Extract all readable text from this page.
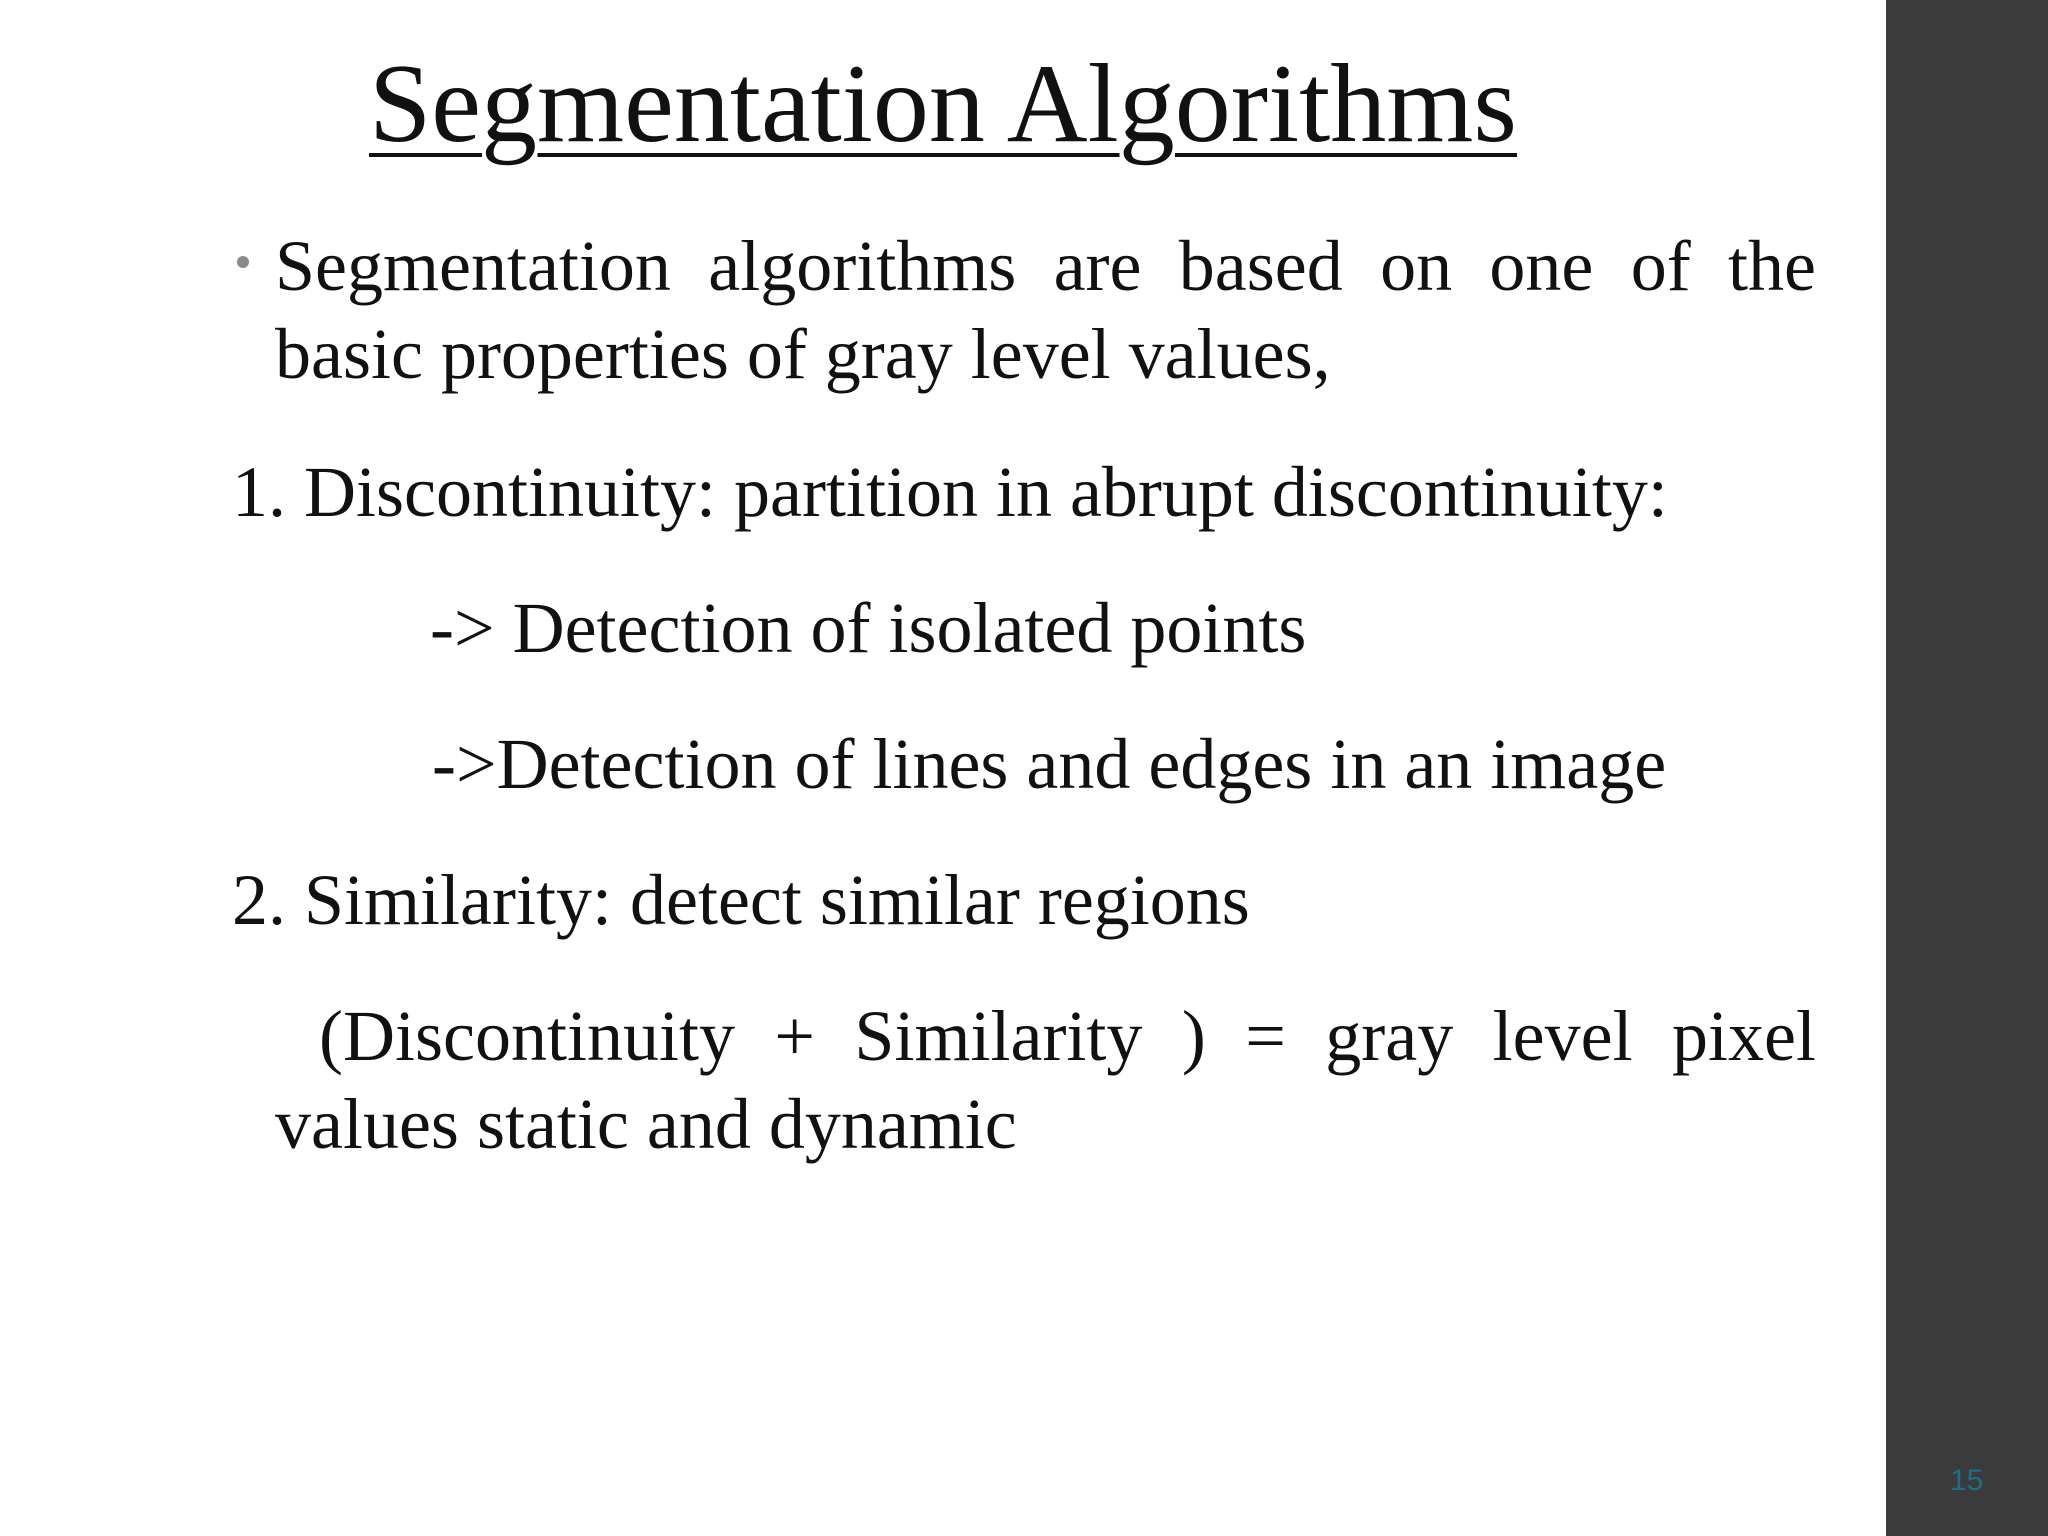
Segmentation Algorithms

Segmentation algorithms are based on one of the basic properties of gray level values,

1. Discontinuity: partition in abrupt discontinuity:

-> Detection of isolated points

->Detection of lines and edges in an image

2. Similarity: detect similar regions

(Discontinuity + Similarity ) = gray level pixel values static and dynamic

15
